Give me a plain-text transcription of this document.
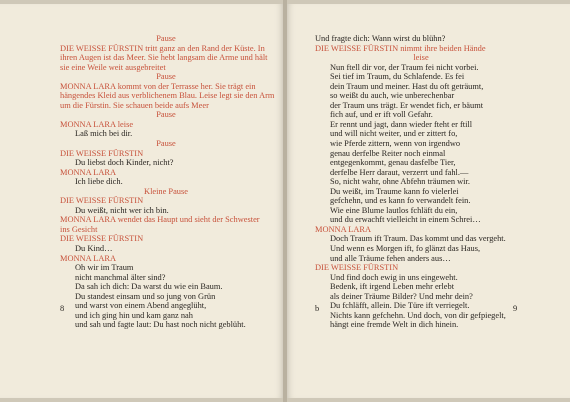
Pause
DIE WEISSE FÜRSTIN tritt ganz an den Rand der Küste. In
ihren Augen ist das Meer. Sie hebt langsam die Arme und hält
sie eine Weile weit ausgebreitet
Pause
MONNA LARA kommt von der Terrasse her. Sie trägt ein
hängendes Kleid aus verblichenem Blau. Leise legt sie den Arm
um die Fürstin. Sie schauen beide aufs Meer
Pause
MONNA LARA leise
Laß mich bei dir.
Pause
DIE WEISSE FÜRSTIN
Du liebst doch Kinder, nicht?
MONNA LARA
Ich liebe dich.
Kleine Pause
DIE WEISSE FÜRSTIN
Du weißt, nicht wer ich bin.
MONNA LARA wendet das Haupt und sieht der Schwester
ins Gesicht
DIE WEISSE FÜRSTIN
Du Kind…
MONNA LARA
Oh wir im Traum
nicht manchmal älter sind?
Da sah ich dich: Da warst du wie ein Baum.
Du standest einsam und so jung von Grün
und warst von einem Abend angeglüht,
und ich ging hin und kam ganz nah
und sah und fagte laut: Du hast noch nicht geblüht.
8
Und fragte dich: Wann wirst du blühn?
DIE WEISSE FÜRSTIN nimmt ihre beiden Hände
leise
Nun ftell dir vor, der Traum fei nicht vorbei.
Sei tief im Traum, du Schlafende. Es fei
dein Traum und meiner. Hast du oft geträumt,
so weißt du auch, wie unberechenbar
der Traum uns trägt. Er wendet fich, er bäumt
fich auf, und er ift voll Gefahr.
Er rennt und jagt, dann wieder fteht er ftill
und will nicht weiter, und er zittert fo,
wie Pferde zittern, wenn von irgendwo
genau derfelbe Reiter noch einmal
entgegenkommt, genau dasfelbe Tier,
derfelbe Herr daraut, verzerrt und fahl.—
So, nicht wahr, ohne Abfehn träumen wir.
Du weißt, im Traume kann fo vielerlei
gefchehn, und es kann fo verwandelt fein.
Wie eine Blume lautlos fchläft du ein,
und du erwachft vielleicht in einem Schrei…
MONNA LARA
Doch Traum ift Traum. Das kommt und das vergeht.
Und wenn es Morgen ift, fo glänzt das Haus,
und alle Träume fehen anders aus…
DIE WEISSE FÜRSTIN
Und find doch ewig in uns eingeweht.
Bedenk, ift irgend Leben mehr erlebt
als deiner Träume Bilder? Und mehr dein?
Du fchläfft, allein. Die Türe ift verriegelt.
Nichts kann gefchehn. Und doch, von dir gefpiegelt,
hängt eine fremde Welt in dich hinein.
b	9
